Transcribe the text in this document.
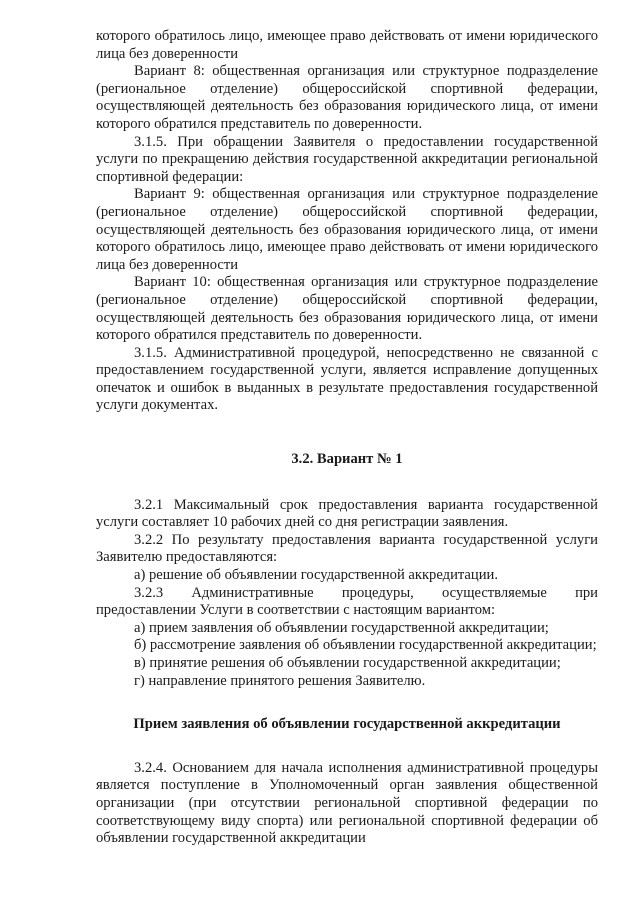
которого обратилось лицо, имеющее право действовать от имени юридического лица без доверенности

Вариант 8: общественная организация или структурное подразделение (региональное отделение) общероссийской спортивной федерации, осуществляющей деятельность без образования юридического лица, от имени которого обратился представитель по доверенности.

3.1.5. При обращении Заявителя о предоставлении государственной услуги по прекращению действия государственной аккредитации региональной спортивной федерации:

Вариант 9: общественная организация или структурное подразделение (региональное отделение) общероссийской спортивной федерации, осуществляющей деятельность без образования юридического лица, от имени которого обратилось лицо, имеющее право действовать от имени юридического лица без доверенности

Вариант 10: общественная организация или структурное подразделение (региональное отделение) общероссийской спортивной федерации, осуществляющей деятельность без образования юридического лица, от имени которого обратился представитель по доверенности.

3.1.5. Административной процедурой, непосредственно не связанной с предоставлением государственной услуги, является исправление допущенных опечаток и ошибок в выданных в результате предоставления государственной услуги документах.

3.2. Вариант № 1

3.2.1 Максимальный срок предоставления варианта государственной услуги составляет 10 рабочих дней со дня регистрации заявления.

3.2.2 По результату предоставления варианта государственной услуги Заявителю предоставляются:

а) решение об объявлении государственной аккредитации.

3.2.3 Административные процедуры, осуществляемые при предоставлении Услуги в соответствии с настоящим вариантом:

а) прием заявления об объявлении государственной аккредитации;

б) рассмотрение заявления об объявлении государственной аккредитации;

в) принятие решения об объявлении государственной аккредитации;

г) направление принятого решения Заявителю.

Прием заявления об объявлении государственной аккредитации

3.2.4. Основанием для начала исполнения административной процедуры является поступление в Уполномоченный орган заявления общественной организации (при отсутствии региональной спортивной федерации по соответствующему виду спорта) или региональной спортивной федерации об объявлении государственной аккредитации
